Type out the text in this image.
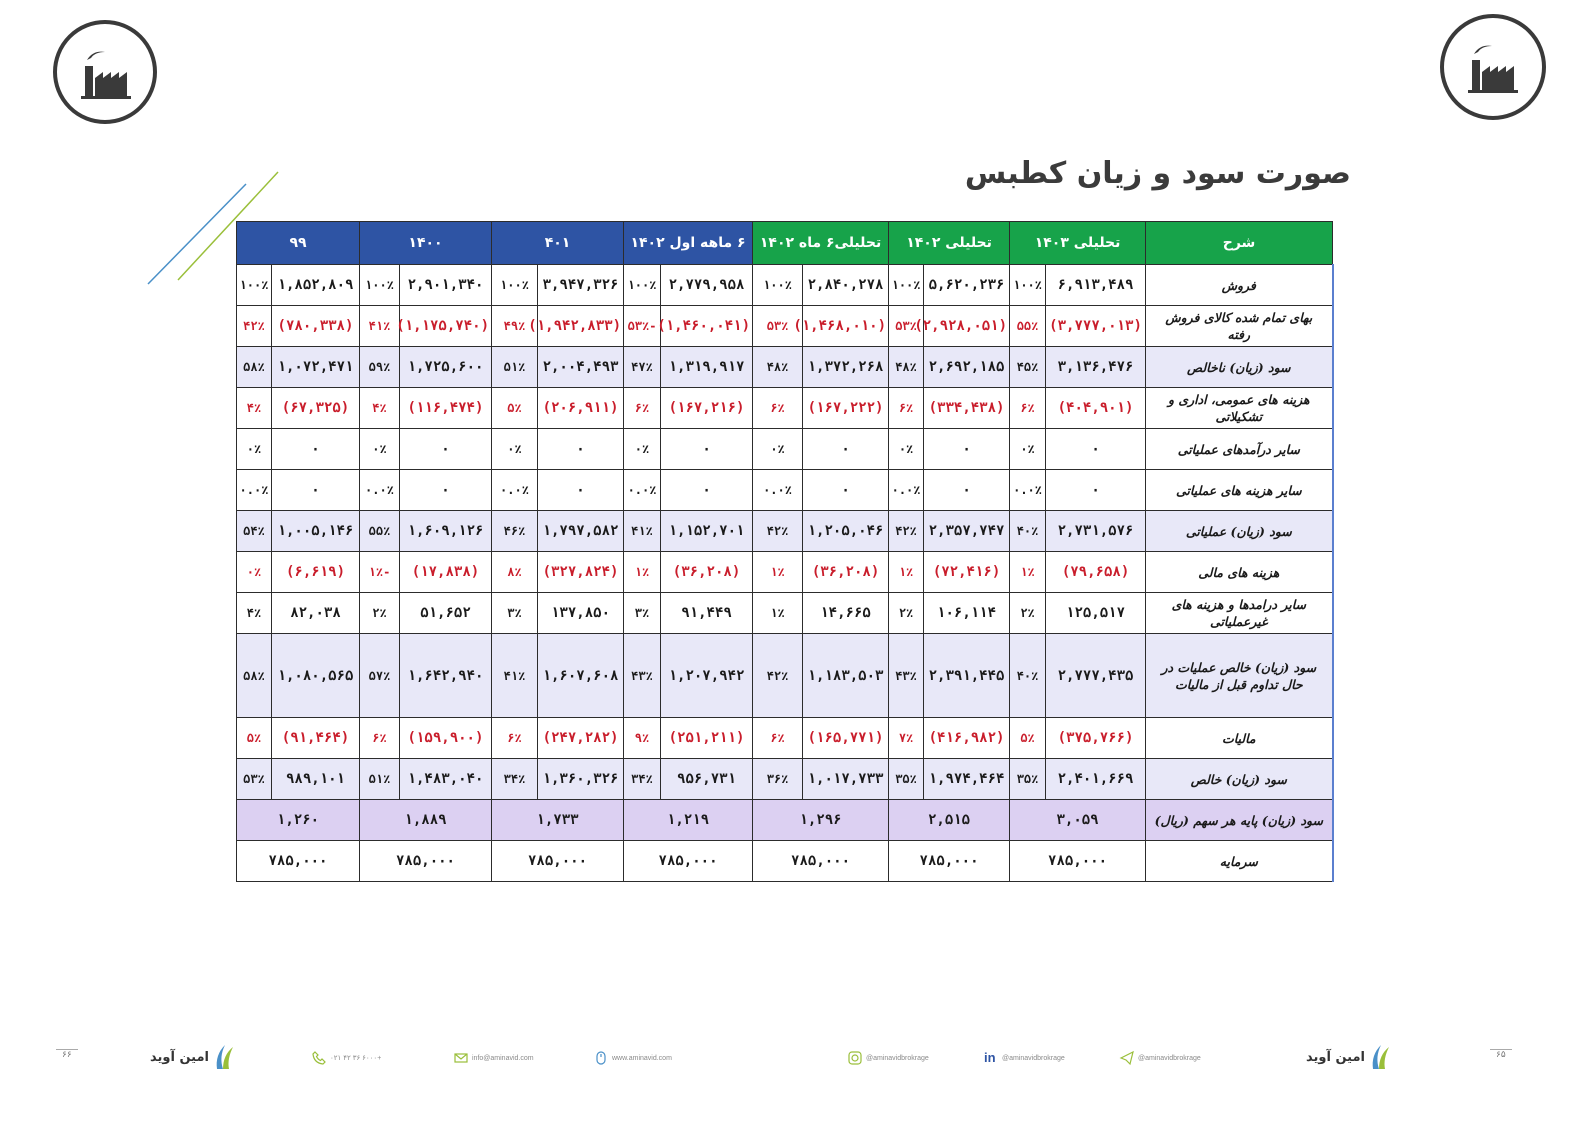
صورت سود و زیان کطبس
شرح	تحلیلی ۱۴۰۳		تحلیلی ۱۴۰۲		تحلیلی۶ ماه ۱۴۰۲		۶ ماهه اول ۱۴۰۲		۴۰۱		۱۴۰۰		۹۹	
فروش	۶,۹۱۳,۴۸۹	۱۰۰٪	۵,۶۲۰,۲۳۶	۱۰۰٪	۲,۸۴۰,۲۷۸	۱۰۰٪	۲,۷۷۹,۹۵۸	۱۰۰٪	۳,۹۴۷,۳۲۶	۱۰۰٪	۲,۹۰۱,۳۴۰	۱۰۰٪	۱,۸۵۲,۸۰۹	۱۰۰٪
بهای تمام شده کالای فروش رفته	(۳,۷۷۷,۰۱۳)	۵۵٪	(۲,۹۲۸,۰۵۱)	۵۳٪	(۱,۴۶۸,۰۱۰)	۵۳٪	(۱,۴۶۰,۰۴۱)	-۵۳٪	(۱,۹۴۲,۸۳۳)	۴۹٪	(۱,۱۷۵,۷۴۰)	۴۱٪	(۷۸۰,۳۳۸)	۴۲٪
سود (زیان) ناخالص	۳,۱۳۶,۴۷۶	۴۵٪	۲,۶۹۲,۱۸۵	۴۸٪	۱,۳۷۲,۲۶۸	۴۸٪	۱,۳۱۹,۹۱۷	۴۷٪	۲,۰۰۴,۴۹۳	۵۱٪	۱,۷۲۵,۶۰۰	۵۹٪	۱,۰۷۲,۴۷۱	۵۸٪
هزینه های عمومی، اداری و تشکیلاتی	(۴۰۴,۹۰۱)	۶٪	(۳۳۴,۴۳۸)	۶٪	(۱۶۷,۲۲۲)	۶٪	(۱۶۷,۲۱۶)	۶٪	(۲۰۶,۹۱۱)	۵٪	(۱۱۶,۴۷۴)	۴٪	(۶۷,۳۲۵)	۴٪
سایر درآمدهای عملیاتی	۰	۰٪	۰	۰٪	۰	۰٪	۰	۰٪	۰	۰٪	۰	۰٪	۰	۰٪
سایر هزینه های عملیاتی	۰	۰.۰٪	۰	۰.۰٪	۰	۰.۰٪	۰	۰.۰٪	۰	۰.۰٪	۰	۰.۰٪	۰	۰.۰٪
سود (زیان) عملیاتی	۲,۷۳۱,۵۷۶	۴۰٪	۲,۳۵۷,۷۴۷	۴۲٪	۱,۲۰۵,۰۴۶	۴۲٪	۱,۱۵۲,۷۰۱	۴۱٪	۱,۷۹۷,۵۸۲	۴۶٪	۱,۶۰۹,۱۲۶	۵۵٪	۱,۰۰۵,۱۴۶	۵۴٪
هزینه های مالی	(۷۹,۶۵۸)	۱٪	(۷۲,۴۱۶)	۱٪	(۳۶,۲۰۸)	۱٪	(۳۶,۲۰۸)	۱٪	(۳۲۷,۸۲۴)	۸٪	(۱۷,۸۳۸)	-۱٪	(۶,۶۱۹)	۰٪
سایر درامدها و هزینه های غیرعملیاتی	۱۲۵,۵۱۷	۲٪	۱۰۶,۱۱۴	۲٪	۱۴,۶۶۵	۱٪	۹۱,۴۴۹	۳٪	۱۳۷,۸۵۰	۳٪	۵۱,۶۵۲	۲٪	۸۲,۰۳۸	۴٪
سود (زیان) خالص عملیات در حال تداوم قبل از مالیات	۲,۷۷۷,۴۳۵	۴۰٪	۲,۳۹۱,۴۴۵	۴۳٪	۱,۱۸۳,۵۰۳	۴۲٪	۱,۲۰۷,۹۴۲	۴۳٪	۱,۶۰۷,۶۰۸	۴۱٪	۱,۶۴۲,۹۴۰	۵۷٪	۱,۰۸۰,۵۶۵	۵۸٪
مالیات	(۳۷۵,۷۶۶)	۵٪	(۴۱۶,۹۸۲)	۷٪	(۱۶۵,۷۷۱)	۶٪	(۲۵۱,۲۱۱)	۹٪	(۲۴۷,۲۸۲)	۶٪	(۱۵۹,۹۰۰)	۶٪	(۹۱,۴۶۴)	۵٪
سود (زیان) خالص	۲,۴۰۱,۶۶۹	۳۵٪	۱,۹۷۴,۴۶۴	۳۵٪	۱,۰۱۷,۷۳۳	۳۶٪	۹۵۶,۷۳۱	۳۴٪	۱,۳۶۰,۳۲۶	۳۴٪	۱,۴۸۳,۰۴۰	۵۱٪	۹۸۹,۱۰۱	۵۳٪
سود (زیان) پایه هر سهم (ریال)	۳,۰۵۹		۲,۵۱۵		۱,۲۹۶		۱,۲۱۹		۱,۷۳۳		۱,۸۸۹		۱,۲۶۰	
سرمایه	۷۸۵,۰۰۰		۷۸۵,۰۰۰		۷۸۵,۰۰۰		۷۸۵,۰۰۰		۷۸۵,۰۰۰		۷۸۵,۰۰۰		۷۸۵,۰۰۰	
۶۶	امین آوید	۰۲۱ ۴۲ ۳۶ ۶۰۰۰+	info@aminavid.com	www.aminavid.com	@aminavidbrokrage	in @aminavidbrokrage	@aminavidbrokrage	امین آوید	۶۵
